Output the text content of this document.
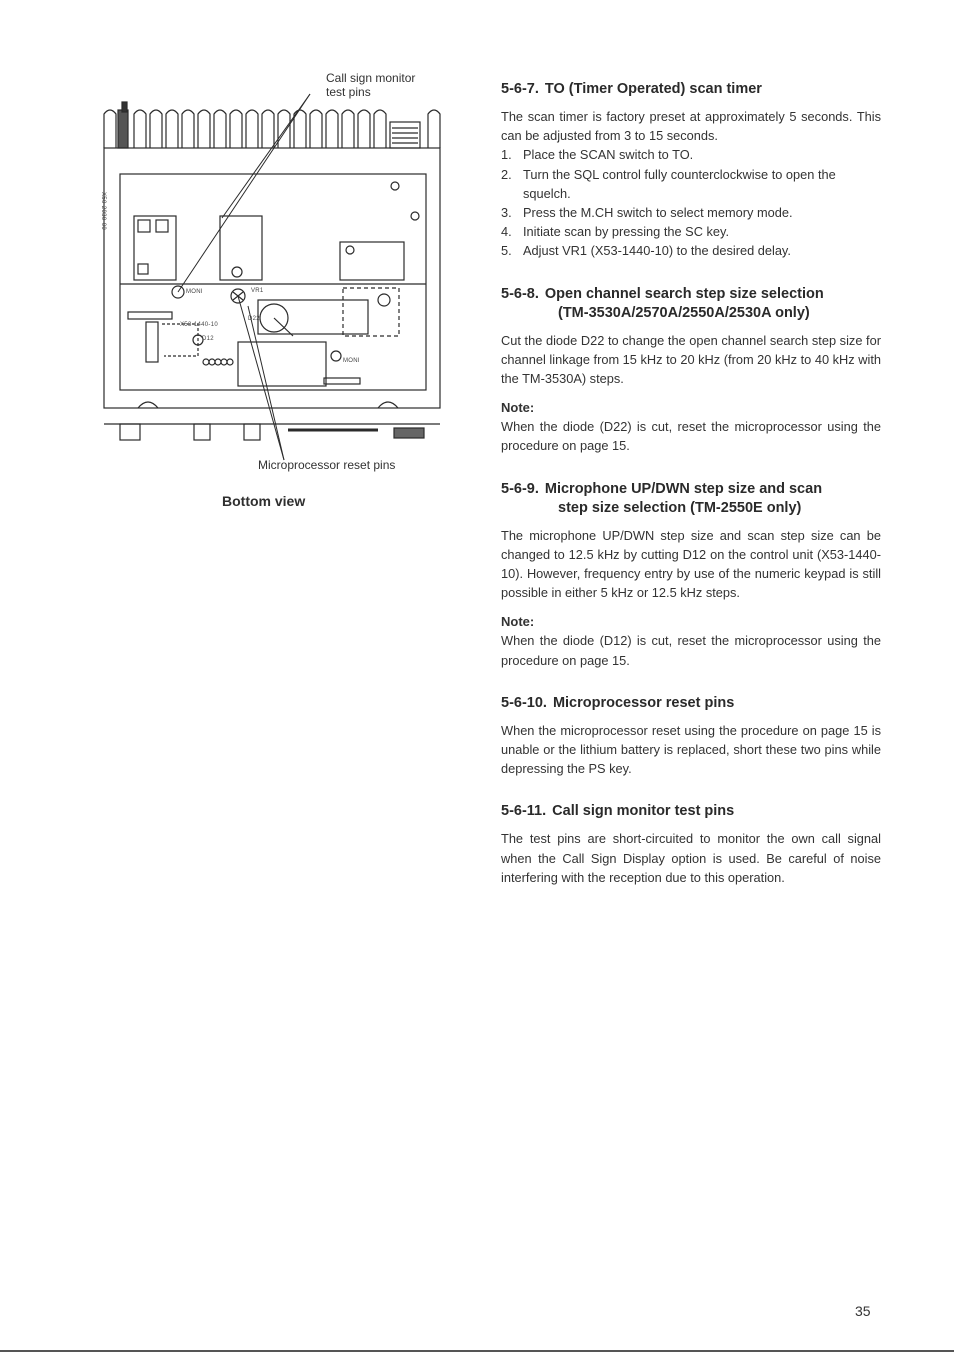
Call sign monitor
test pins
Microprocessor reset pins
MONI	VR1
X53-1440-10
D12
D22
MONI
X50-2030-00
Bottom view
5-6-7. TO (Timer Operated) scan timer

The scan timer is factory preset at approximately 5 seconds. This can be adjusted from 3 to 15 seconds.

1. Place the SCAN switch to TO.
2. Turn the SQL control fully counterclockwise to open the squelch.
3. Press the M.CH switch to select memory mode.
4. Initiate scan by pressing the SC key.
5. Adjust VR1 (X53-1440-10) to the desired delay.
5-6-8. Open channel search step size selection
(TM-3530A/2570A/2550A/2530A only)

Cut the diode D22 to change the open channel search step size for channel linkage from 15 kHz to 20 kHz (from 20 kHz to 40 kHz with the TM-3530A) steps.

Note:

When the diode (D22) is cut, reset the microprocessor using the procedure on page 15.

5-6-9. Microphone UP/DWN step size and scan
step size selection (TM-2550E only)

The microphone UP/DWN step size and scan step size can be changed to 12.5 kHz by cutting D12 on the control unit (X53-1440-10). However, frequency entry by use of the numeric keypad is still possible in either 5 kHz or 12.5 kHz steps.

Note:

When the diode (D12) is cut, reset the microprocessor using the procedure on page 15.

5-6-10. Microprocessor reset pins

When the microprocessor reset using the procedure on page 15 is unable or the lithium battery is replaced, short these two pins while depressing the PS key.

5-6-11. Call sign monitor test pins

The test pins are short-circuited to monitor the own call signal when the Call Sign Display option is used. Be careful of noise interfering with the reception due to this operation.

35
